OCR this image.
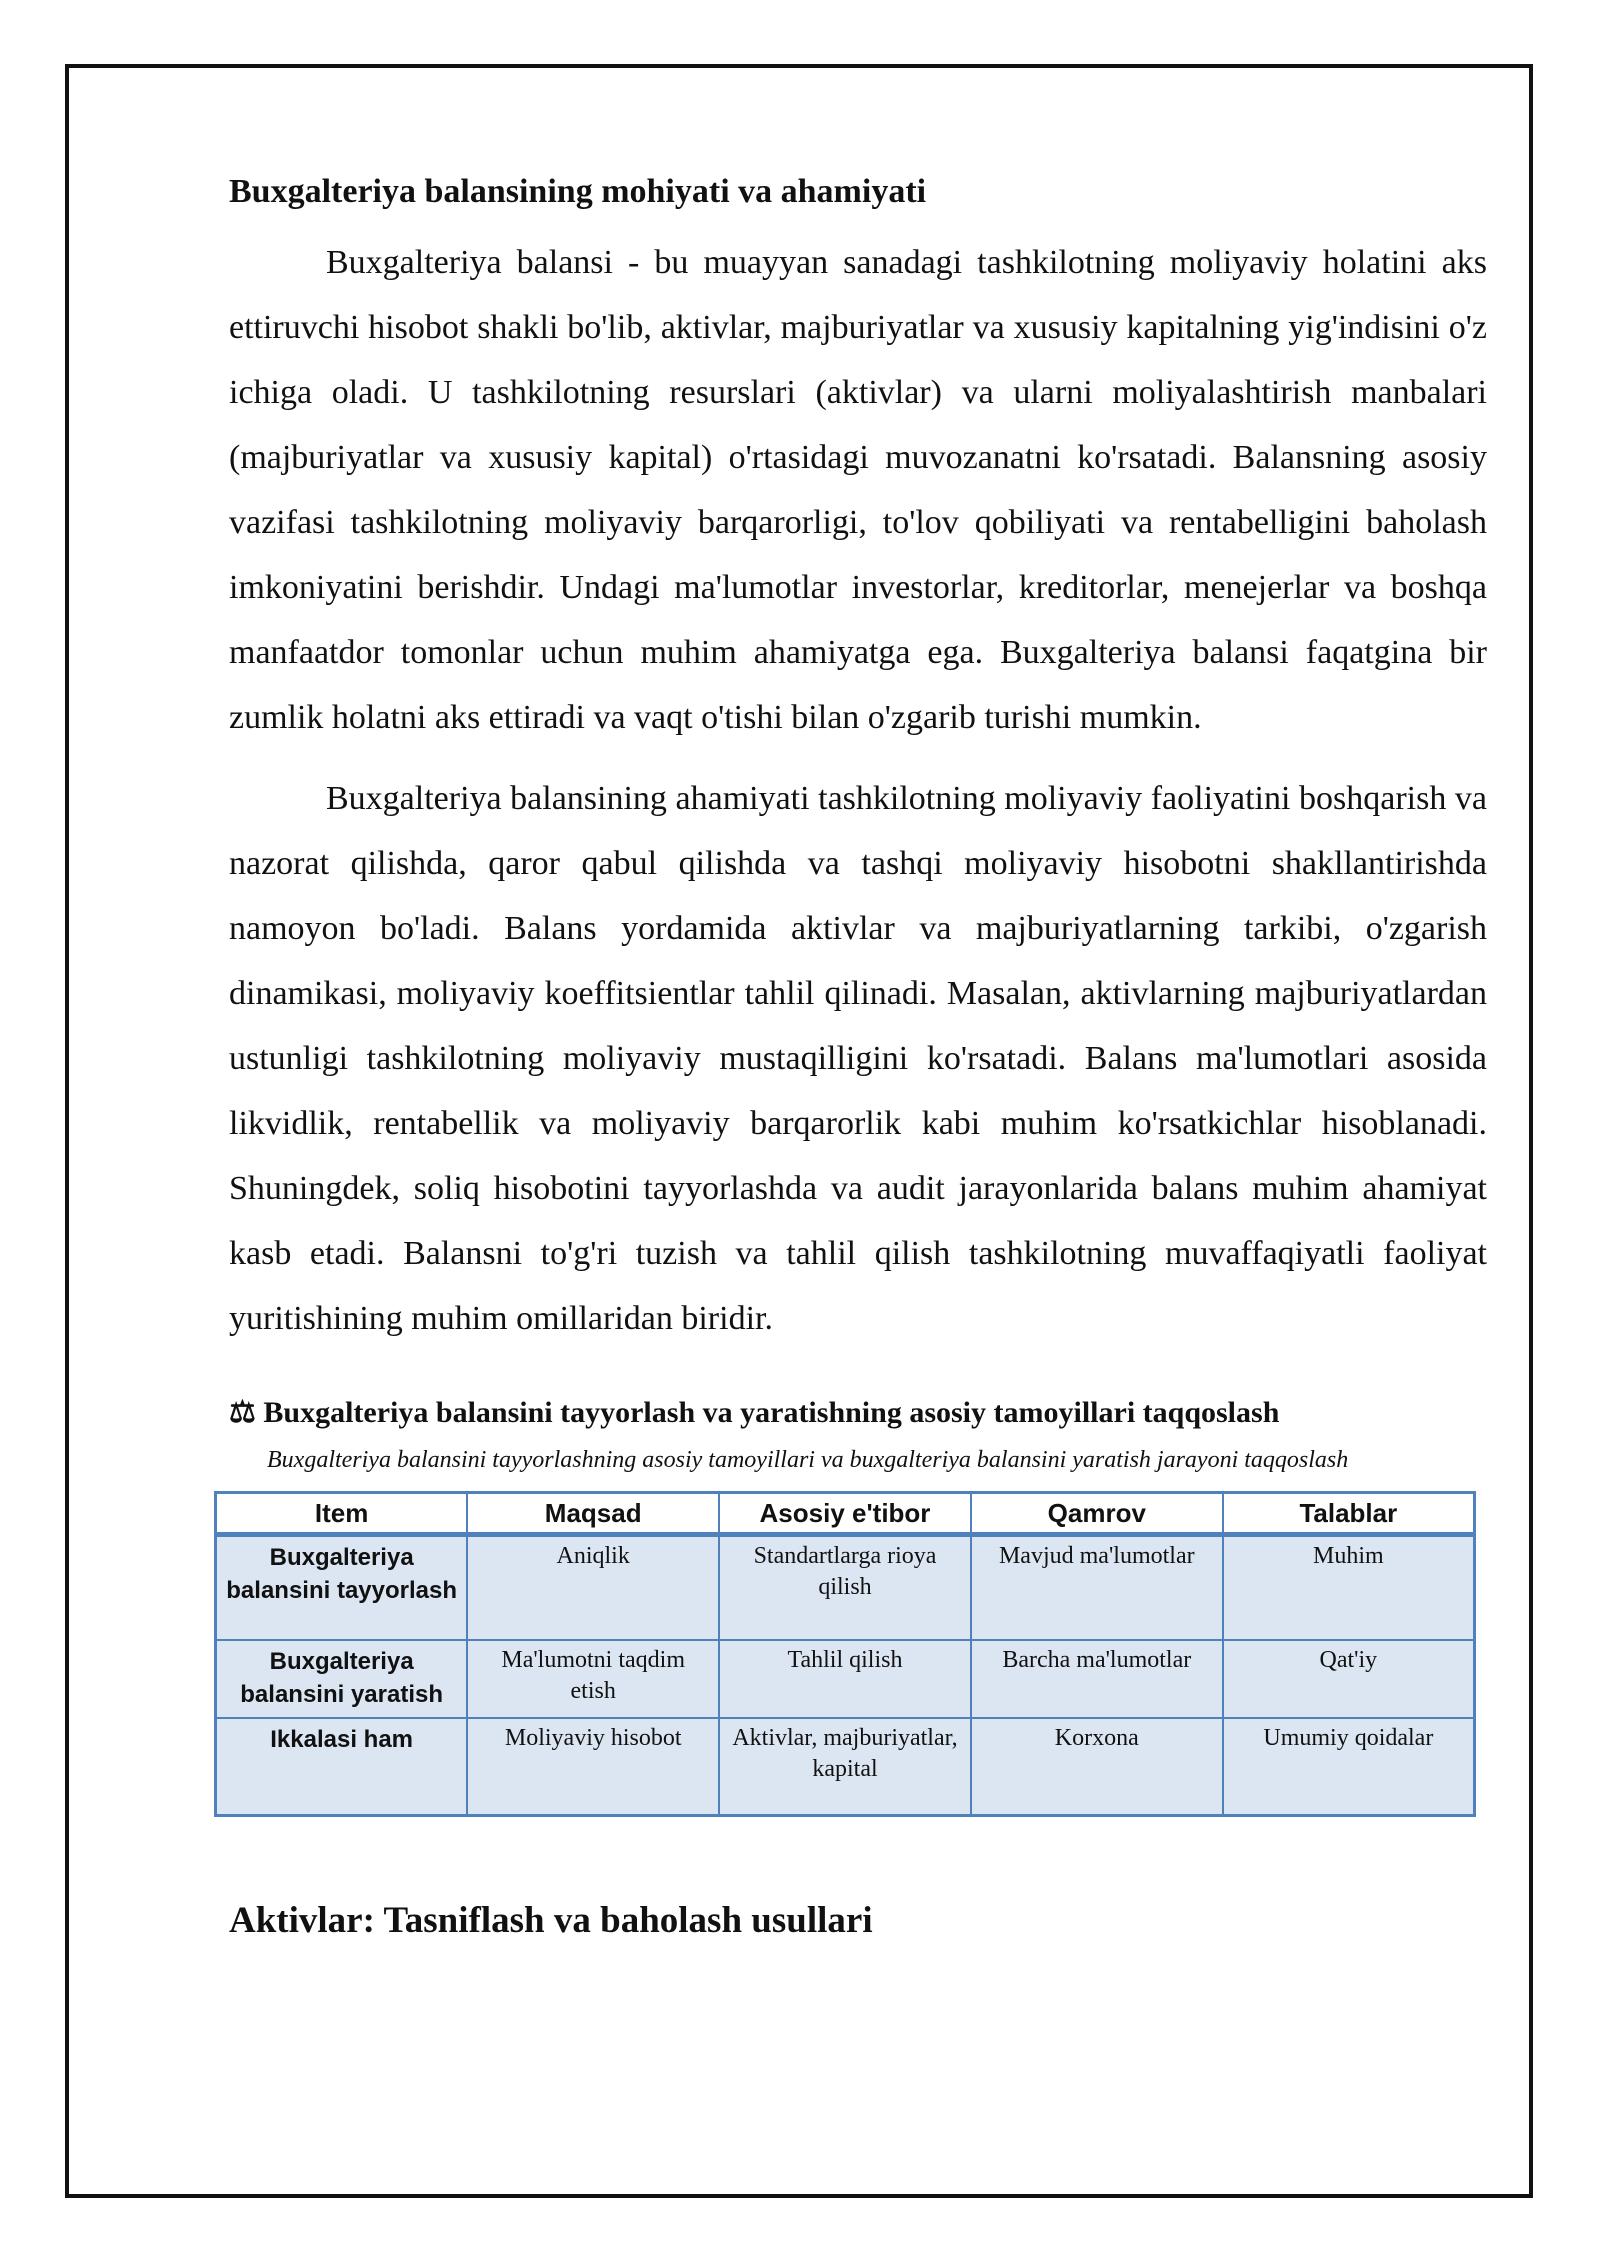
Buxgalteriya balansining mohiyati va ahamiyati

Buxgalteriya balansi - bu muayyan sanadagi tashkilotning moliyaviy holatini aks ettiruvchi hisobot shakli bo'lib, aktivlar, majburiyatlar va xususiy kapitalning yig'indisini o'z ichiga oladi. U tashkilotning resurslari (aktivlar) va ularni moliyalashtirish manbalari (majburiyatlar va xususiy kapital) o'rtasidagi muvozanatni ko'rsatadi. Balansning asosiy vazifasi tashkilotning moliyaviy barqarorligi, to'lov qobiliyati va rentabelligini baholash imkoniyatini berishdir. Undagi ma'lumotlar investorlar, kreditorlar, menejerlar va boshqa manfaatdor tomonlar uchun muhim ahamiyatga ega. Buxgalteriya balansi faqatgina bir zumlik holatni aks ettiradi va vaqt o'tishi bilan o'zgarib turishi mumkin.

Buxgalteriya balansining ahamiyati tashkilotning moliyaviy faoliyatini boshqarish va nazorat qilishda, qaror qabul qilishda va tashqi moliyaviy hisobotni shakllantirishda namoyon bo'ladi. Balans yordamida aktivlar va majburiyatlarning tarkibi, o'zgarish dinamikasi, moliyaviy koeffitsientlar tahlil qilinadi. Masalan, aktivlarning majburiyatlardan ustunligi tashkilotning moliyaviy mustaqilligini ko'rsatadi. Balans ma'lumotlari asosida likvidlik, rentabellik va moliyaviy barqarorlik kabi muhim ko'rsatkichlar hisoblanadi. Shuningdek, soliq hisobotini tayyorlashda va audit jarayonlarida balans muhim ahamiyat kasb etadi. Balansni to'g'ri tuzish va tahlil qilish tashkilotning muvaffaqiyatli faoliyat yuritishining muhim omillaridan biridir.

⚖ Buxgalteriya balansini tayyorlash va yaratishning asosiy tamoyillari taqqoslash
Buxgalteriya balansini tayyorlashning asosiy tamoyillari va buxgalteriya balansini yaratish jarayoni taqqoslash
Item	Maqsad	Asosiy e'tibor	Qamrov	Talablar
Buxgalteriya balansini tayyorlash	Aniqlik	Standartlarga rioya qilish	Mavjud ma'lumotlar	Muhim
Buxgalteriya balansini yaratish	Ma'lumotni taqdim etish	Tahlil qilish	Barcha ma'lumotlar	Qat'iy
Ikkalasi ham	Moliyaviy hisobot	Aktivlar, majburiyatlar, kapital	Korxona	Umumiy qoidalar
Aktivlar: Tasniflash va baholash usullari
